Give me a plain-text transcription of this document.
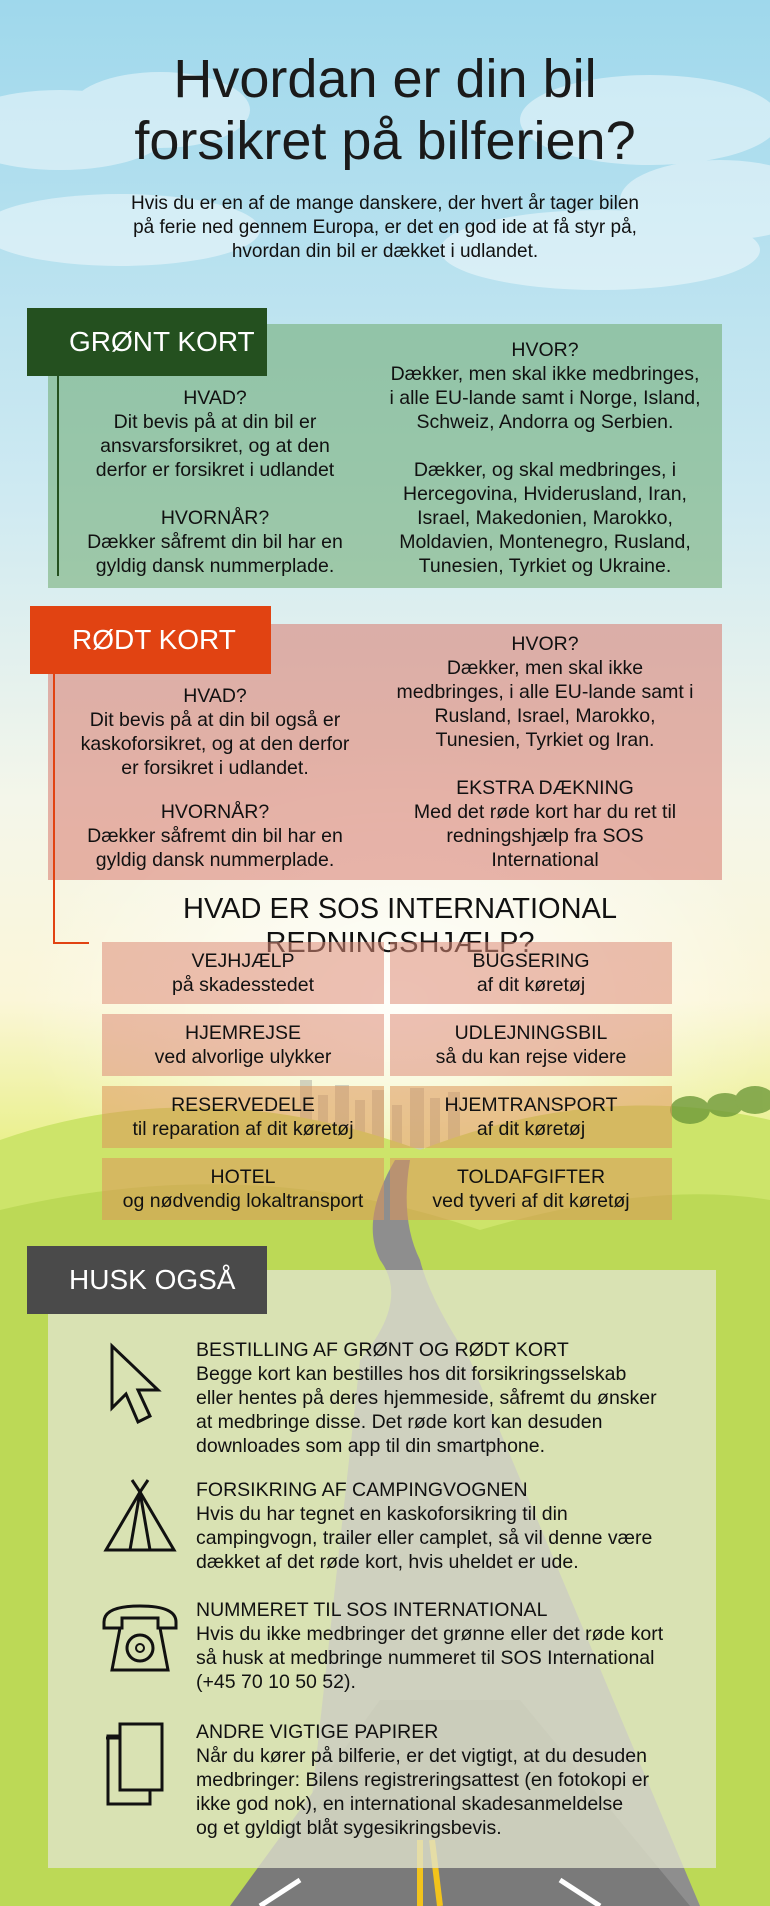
Hvordan er din bil
forsikret på bilferien?
Hvis du er en af de mange danskere, der hvert år tager bilen
på ferie ned gennem Europa, er det en god ide at få styr på,
hvordan din bil er dækket i udlandet.
GRØNT KORT
HVAD?
Dit bevis på at din bil er
ansvarsforsikret, og at den
derfor er forsikret i udlandet
HVORNÅR?
Dækker såfremt din bil har en
gyldig dansk nummerplade.
HVOR?
Dækker, men skal ikke medbringes,
i alle EU-lande samt i Norge, Island,
Schweiz, Andorra og Serbien.
Dækker, og skal medbringes, i
Hercegovina, Hviderusland, Iran,
Israel, Makedonien, Marokko,
Moldavien, Montenegro, Rusland,
Tunesien, Tyrkiet og Ukraine.
RØDT KORT
HVAD?
Dit bevis på at din bil også er
kaskoforsikret, og at den derfor
er forsikret i udlandet.
HVORNÅR?
Dækker såfremt din bil har en
gyldig dansk nummerplade.
HVOR?
Dækker, men skal ikke
medbringes, i alle EU-lande samt i
Rusland, Israel, Marokko,
Tunesien, Tyrkiet og Iran.
EKSTRA DÆKNING
Med det røde kort har du ret til
redningshjælp fra SOS
International
HVAD ER SOS INTERNATIONAL
VEJHJÆLP
på skadesstedet
BUGSERING
af dit køretøj
HJEMREJSE
ved alvorlige ulykker
UDLEJNINGSBIL
så du kan rejse videre
RESERVEDELE
til reparation af dit køretøj
HJEMTRANSPORT
af dit køretøj
HOTEL
og nødvendig lokaltransport
TOLDAFGIFTER
ved tyveri af dit køretøj
HUSK OGSÅ
BESTILLING AF GRØNT OG RØDT KORT
Begge kort kan bestilles hos dit forsikringsselskab
eller hentes på deres hjemmeside, såfremt du ønsker
at medbringe disse. Det røde kort kan desuden
downloades som app til din smartphone.
FORSIKRING AF CAMPINGVOGNEN
Hvis du har tegnet en kaskoforsikring til din
campingvogn, trailer eller camplet, så vil denne være
dækket af det røde kort, hvis uheldet er ude.
NUMMERET TIL SOS INTERNATIONAL
Hvis du ikke medbringer det grønne eller det røde kort
så husk at medbringe nummeret til SOS International
(+45 70 10 50 52).
ANDRE VIGTIGE PAPIRER
Når du kører på bilferie, er det vigtigt, at du desuden
medbringer: Bilens registreringsattest (en fotokopi er
ikke god nok), en international skadesanmeldelse
og et gyldigt blåt sygesikringsbevis.
